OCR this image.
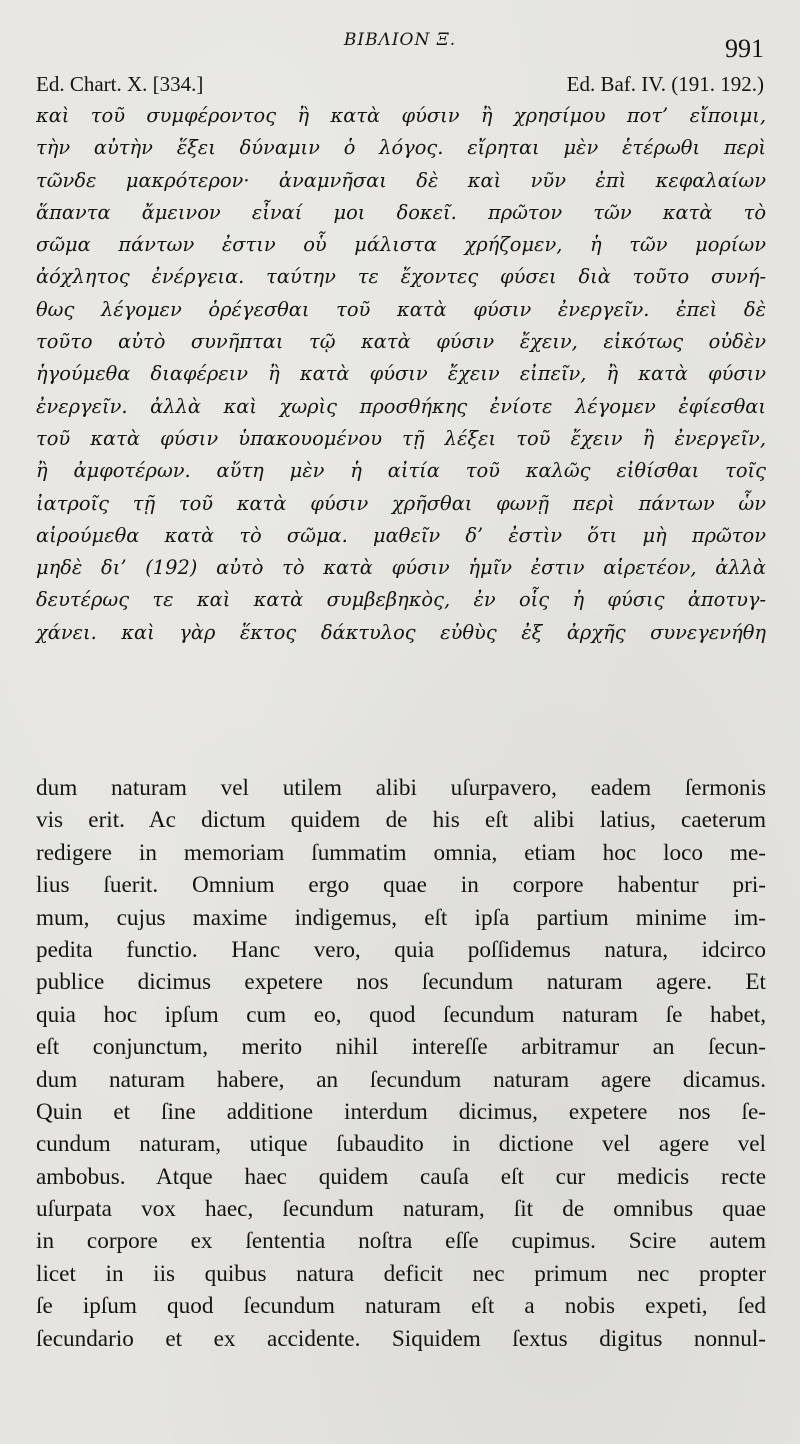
BIBΛIΟΝ Ξ.	991
Ed. Chart. X. [334.]	Ed. Baf. IV. (191. 192.)
καὶ τοῦ συμφέροντος ἢ κατὰ φύσιν ἢ χρησίμου ποτ’ εἴποιμι,
τὴν αὐτὴν ἕξει δύναμιν ὁ λόγος. εἴρηται μὲν ἑτέρωθι περὶ
τῶνδε μακρότερον· ἀναμνῆσαι δὲ καὶ νῦν ἐπὶ κεφαλαίων
ἅπαντα ἄμεινον εἶναί μοι δοκεῖ. πρῶτον τῶν κατὰ τὸ
σῶμα πάντων ἐστιν οὗ μάλιστα χρήζομεν, ἡ τῶν μορίων
ἀόχλητος ἐνέργεια. ταύτην τε ἔχοντες φύσει διὰ τοῦτο συνή-
θως λέγομεν ὀρέγεσθαι τοῦ κατὰ φύσιν ἐνεργεῖν. ἐπεὶ δὲ
τοῦτο αὐτὸ συνῆπται τῷ κατὰ φύσιν ἔχειν, εἰκότως οὐδὲν
ἡγούμεθα διαφέρειν ἢ κατὰ φύσιν ἔχειν εἰπεῖν, ἢ κατὰ φύσιν
ἐνεργεῖν. ἀλλὰ καὶ χωρὶς προσθήκης ἐνίοτε λέγομεν ἐφίεσθαι
τοῦ κατὰ φύσιν ὑπακουομένου τῇ λέξει τοῦ ἔχειν ἢ ἐνεργεῖν,
ἢ ἀμφοτέρων. αὕτη μὲν ἡ αἰτία τοῦ καλῶς εἰθίσθαι τοῖς
ἰατροῖς τῇ τοῦ κατὰ φύσιν χρῆσθαι φωνῇ περὶ πάντων ὧν
αἱρούμεθα κατὰ τὸ σῶμα. μαθεῖν δ’ ἐστὶν ὅτι μὴ πρῶτον
μηδὲ δι’ (192) αὐτὸ τὸ κατὰ φύσιν ἡμῖν ἐστιν αἱρετέον, ἀλλὰ
δευτέρως τε καὶ κατὰ συμβεβηκὸς, ἐν οἷς ἡ φύσις ἀποτυγ-
χάνει. καὶ γὰρ ἕκτος δάκτυλος εὐθὺς ἐξ ἀρχῆς συνεγενήθη
dum naturam vel utilem alibi uſurpavero, eadem ſermonis
vis erit. Ac dictum quidem de his eſt alibi latius, caeterum
redigere in memoriam ſummatim omnia, etiam hoc loco me-
lius ſuerit. Omnium ergo quae in corpore habentur pri-
mum, cujus maxime indigemus, eſt ipſa partium minime im-
pedita functio. Hanc vero, quia poſſidemus natura, idcirco
publice dicimus expetere nos ſecundum naturam agere. Et
quia hoc ipſum cum eo, quod ſecundum naturam ſe habet,
eſt conjunctum, merito nihil intereſſe arbitramur an ſecun-
dum naturam habere, an ſecundum naturam agere dicamus.
Quin et ſine additione interdum dicimus, expetere nos ſe-
cundum naturam, utique ſubaudito in dictione vel agere vel
ambobus. Atque haec quidem cauſa eſt cur medicis recte
uſurpata vox haec, ſecundum naturam, ſit de omnibus quae
in corpore ex ſententia noſtra eſſe cupimus. Scire autem
licet in iis quibus natura deficit nec primum nec propter
ſe ipſum quod ſecundum naturam eſt a nobis expeti, ſed
ſecundario et ex accidente. Siquidem ſextus digitus nonnul-
